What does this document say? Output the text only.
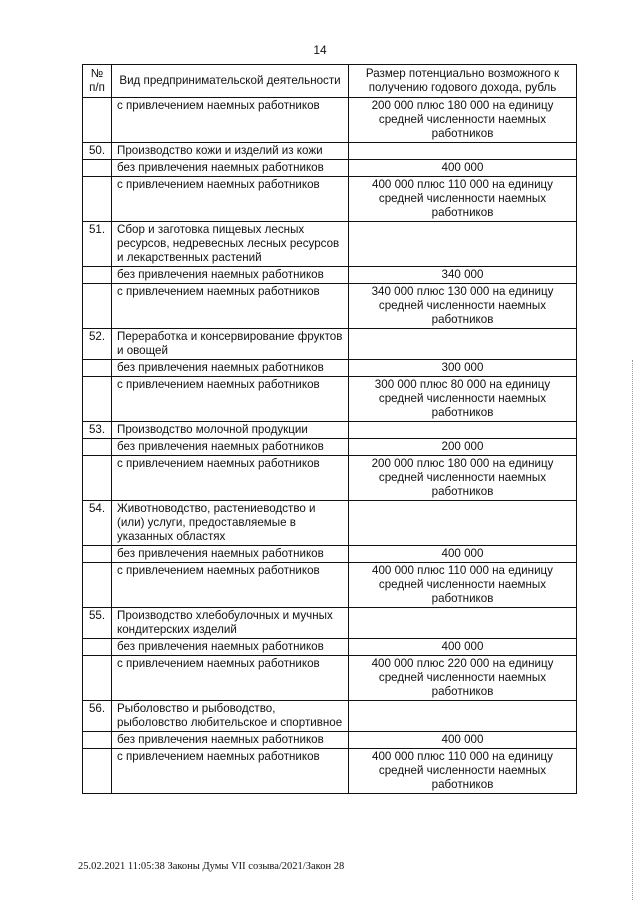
14
№ п/п	Вид предпринимательской деятельности	Размер потенциально возможного к получению годового дохода, рубль
	с привлечением наемных работников	200 000 плюс 180 000 на единицу средней численности наемных работников
50.	Производство кожи и изделий из кожи	
	без привлечения наемных работников	400 000
	с привлечением наемных работников	400 000 плюс 110 000 на единицу средней численности наемных работников
51.	Сбор и заготовка пищевых лесных ресурсов, недревесных лесных ресурсов и лекарственных растений	
	без привлечения наемных работников	340 000
	с привлечением наемных работников	340 000 плюс 130 000 на единицу средней численности наемных работников
52.	Переработка и консервирование фруктов и овощей	
	без привлечения наемных работников	300 000
	с привлечением наемных работников	300 000 плюс 80 000 на единицу средней численности наемных работников
53.	Производство молочной продукции	
	без привлечения наемных работников	200 000
	с привлечением наемных работников	200 000 плюс 180 000 на единицу средней численности наемных работников
54.	Животноводство, растениеводство и (или) услуги, предоставляемые в указанных областях	
	без привлечения наемных работников	400 000
	с привлечением наемных работников	400 000 плюс 110 000 на единицу средней численности наемных работников
55.	Производство хлебобулочных и мучных кондитерских изделий	
	без привлечения наемных работников	400 000
	с привлечением наемных работников	400 000 плюс 220 000 на единицу средней численности наемных работников
56.	Рыболовство и рыбоводство, рыболовство любительское и спортивное	
	без привлечения наемных работников	400 000
	с привлечением наемных работников	400 000 плюс 110 000 на единицу средней численности наемных работников
25.02.2021 11:05:38 Законы Думы VII созыва/2021/Закон 28
